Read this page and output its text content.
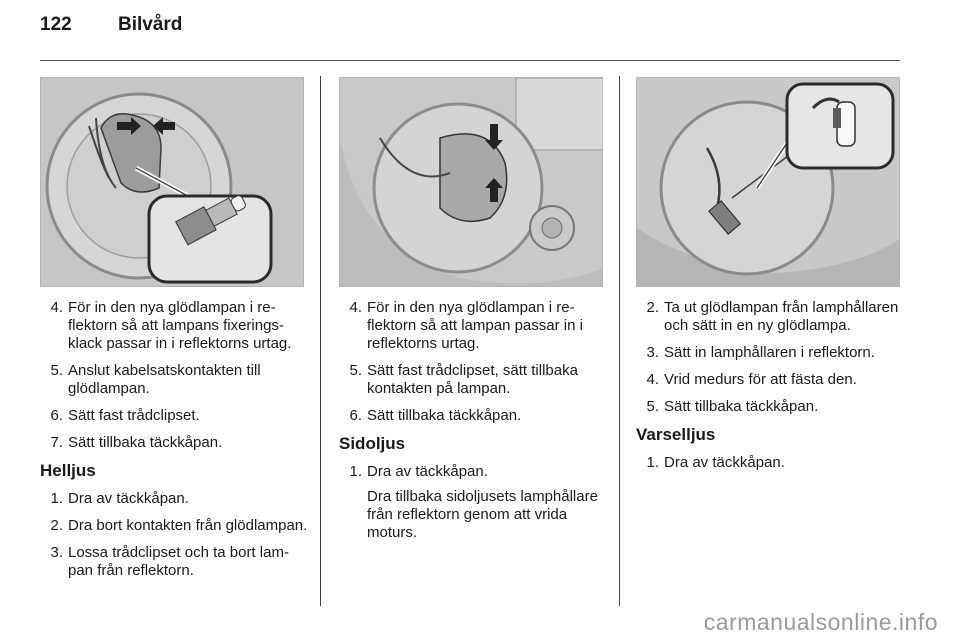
122	Bilvård
4 . För in den nya glödlampan i reflektorn så att lampans fixeringsklack passar in i reflektorns urtag.
5 . Anslut kabelsatskontakten till glödlampan.
6 . Sätt fast trådclipset.
7 . Sätt tillbaka täckkåpan.
Helljus
1 . Dra av täckkåpan.
2 . Dra bort kontakten från glödlampan.
3 . Lossa trådclipset och ta bort lampan från reflektorn.
4 . För in den nya glödlampan i reflektorn så att lampan passar in i reflektorns urtag.
5 . Sätt fast trådclipset, sätt tillbaka kontakten på lampan.
6 . Sätt tillbaka täckkåpan.
Sidoljus
1 . Dra av täckkåpan.

Dra tillbaka sidoljusets lamphållare från reflektorn genom att vrida moturs.

2 . Ta ut glödlampan från lamphållaren och sätt in en ny glödlampa.
3 . Sätt in lamphållaren i reflektorn.
4 . Vrid medurs för att fästa den.
5 . Sätt tillbaka täckkåpan.
Varselljus
1 . Dra av täckkåpan.
carmanualsonline.info
